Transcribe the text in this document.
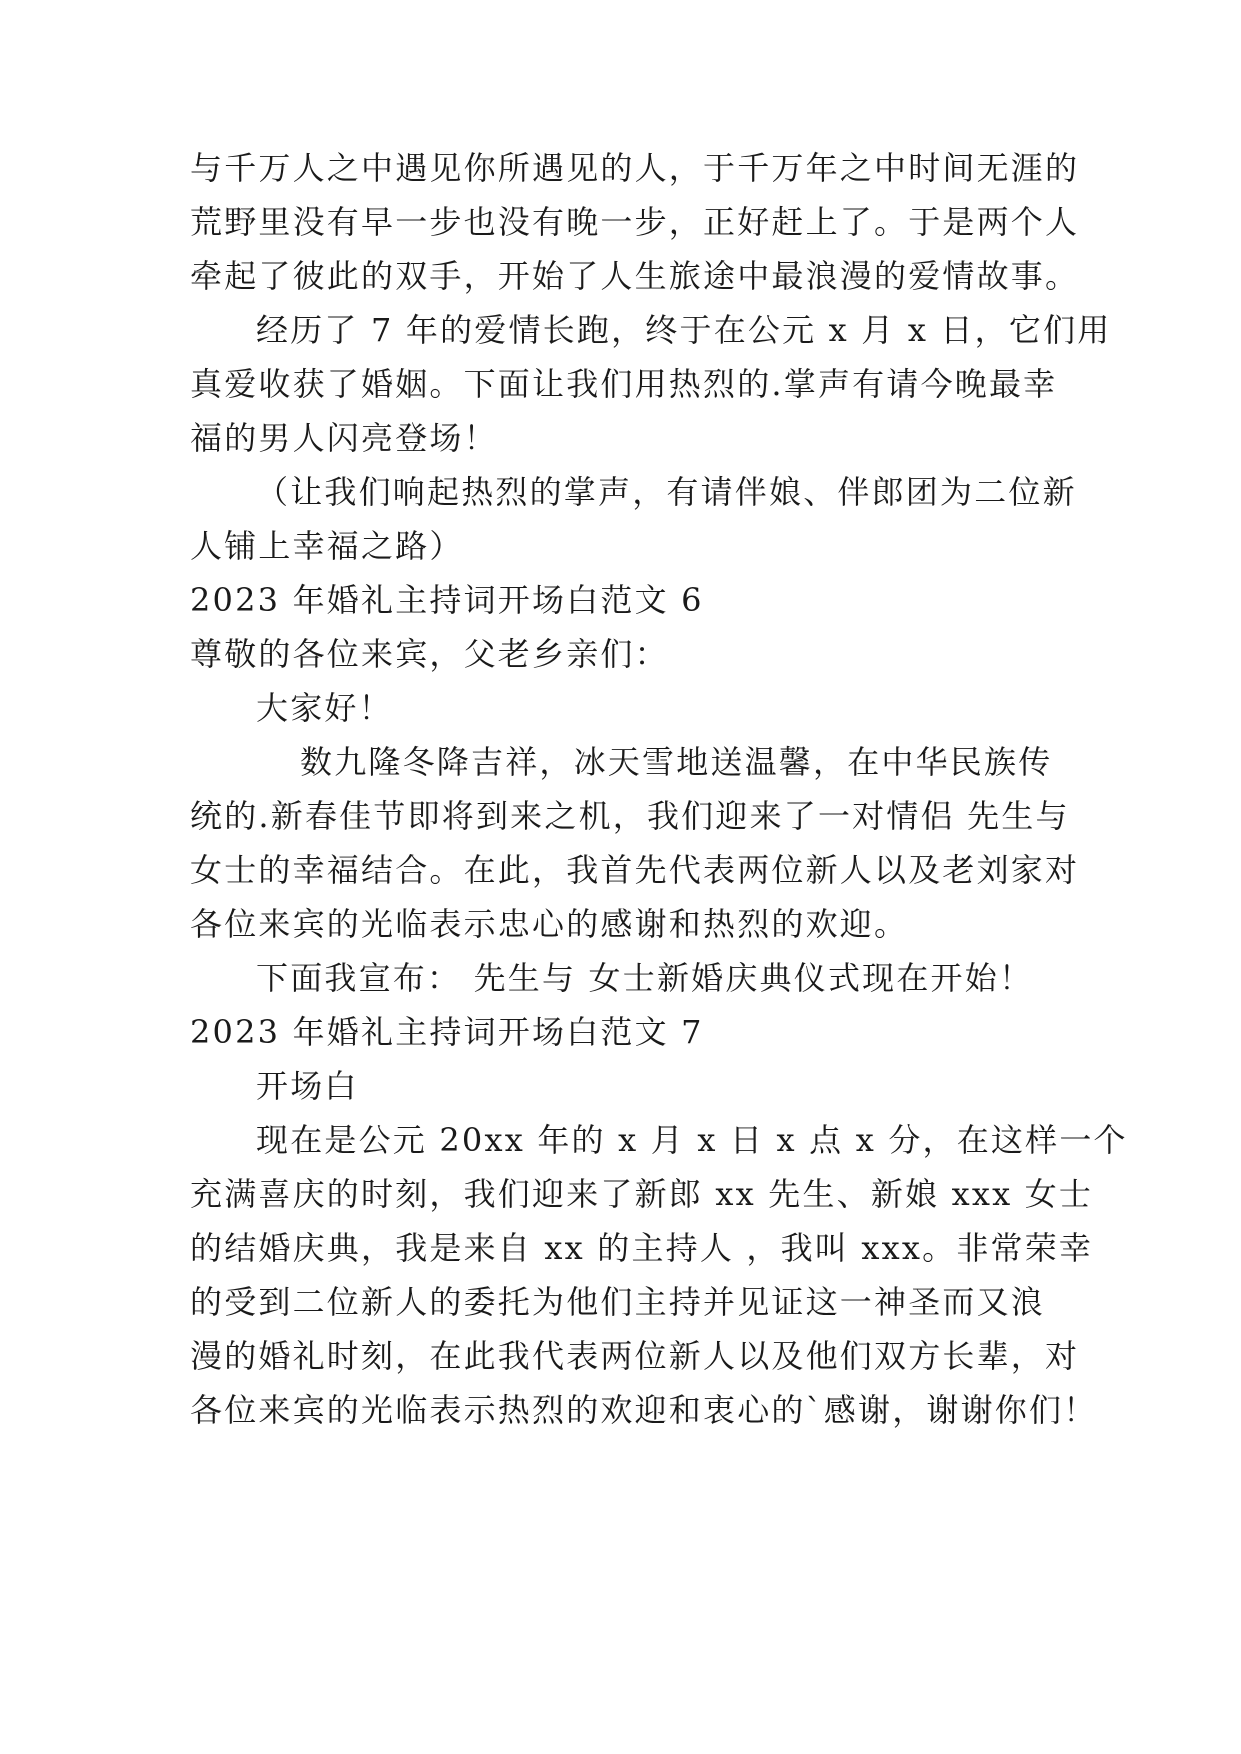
与千万人之中遇见你所遇见的人，于千万年之中时间无涯的
荒野里没有早一步也没有晚一步，正好赶上了。于是两个人
牵起了彼此的双手，开始了人生旅途中最浪漫的爱情故事。
经历了 7 年的爱情长跑，终于在公元 x 月 x 日，它们用
真爱收获了婚姻。下面让我们用热烈的.掌声有请今晚最幸
福的男人闪亮登场！
（让我们响起热烈的掌声，有请伴娘、伴郎团为二位新
人铺上幸福之路）
2023 年婚礼主持词开场白范文 6
尊敬的各位来宾，父老乡亲们：
大家好！
数九隆冬降吉祥，冰天雪地送温馨，在中华民族传
统的.新春佳节即将到来之机，我们迎来了一对情侣 先生与
女士的幸福结合。在此，我首先代表两位新人以及老刘家对
各位来宾的光临表示忠心的感谢和热烈的欢迎。
下面我宣布： 先生与 女士新婚庆典仪式现在开始！
2023 年婚礼主持词开场白范文 7
开场白
现在是公元 20xx 年的 x 月 x 日 x 点 x 分，在这样一个
充满喜庆的时刻，我们迎来了新郎 xx 先生、新娘 xxx 女士
的结婚庆典，我是来自 xx 的主持人 ，我叫 xxx。非常荣幸
的受到二位新人的委托为他们主持并见证这一神圣而又浪
漫的婚礼时刻，在此我代表两位新人以及他们双方长辈，对
各位来宾的光临表示热烈的欢迎和衷心的`感谢，谢谢你们！
